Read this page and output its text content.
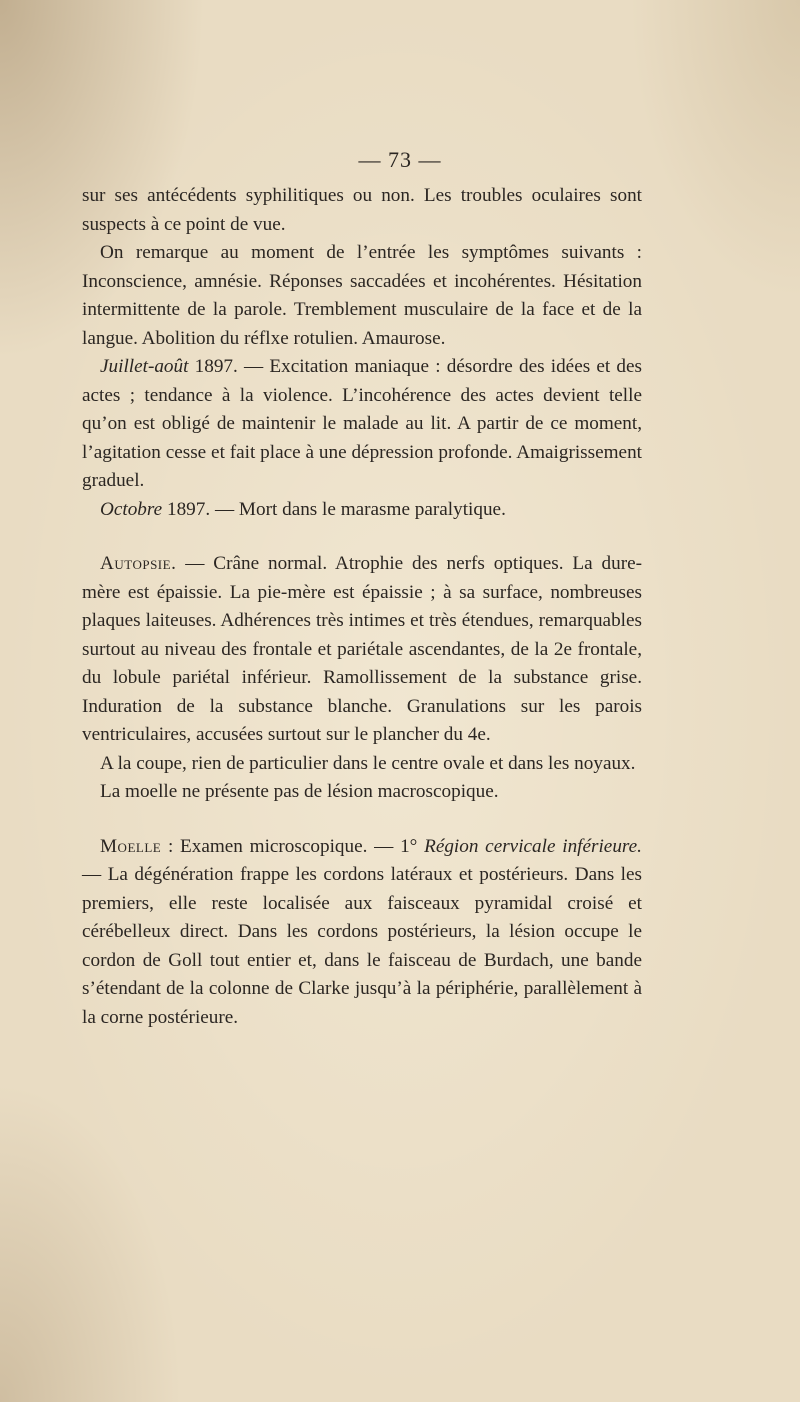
— 73 —

sur ses antécédents syphilitiques ou non. Les troubles oculaires sont suspects à ce point de vue.

On remarque au moment de l’entrée les symptômes suivants : Inconscience, amnésie. Réponses saccadées et incohérentes. Hésitation intermittente de la parole. Tremblement musculaire de la face et de la langue. Abolition du réflxe rotulien. Amaurose.

Juillet-août 1897. — Excitation maniaque : désordre des idées et des actes ; tendance à la violence. L’incohérence des actes devient telle qu’on est obligé de maintenir le malade au lit. A partir de ce moment, l’agitation cesse et fait place à une dépression profonde. Amaigrissement graduel.

Octobre 1897. — Mort dans le marasme paralytique.

Autopsie. — Crâne normal. Atrophie des nerfs optiques. La dure-mère est épaissie. La pie-mère est épaissie ; à sa surface, nombreuses plaques laiteuses. Adhérences très intimes et très étendues, remarquables surtout au niveau des frontale et pariétale ascendantes, de la 2e frontale, du lobule pariétal inférieur. Ramollissement de la substance grise. Induration de la substance blanche. Granulations sur les parois ventriculaires, accusées surtout sur le plancher du 4e.

A la coupe, rien de particulier dans le centre ovale et dans les noyaux.

La moelle ne présente pas de lésion macroscopique.

Moelle : Examen microscopique. — 1° Région cervicale inférieure. — La dégénération frappe les cordons latéraux et postérieurs. Dans les premiers, elle reste localisée aux faisceaux pyramidal croisé et cérébelleux direct. Dans les cordons postérieurs, la lésion occupe le cordon de Goll tout entier et, dans le faisceau de Burdach, une bande s’étendant de la colonne de Clarke jusqu’à la périphérie, parallèlement à la corne postérieure.
